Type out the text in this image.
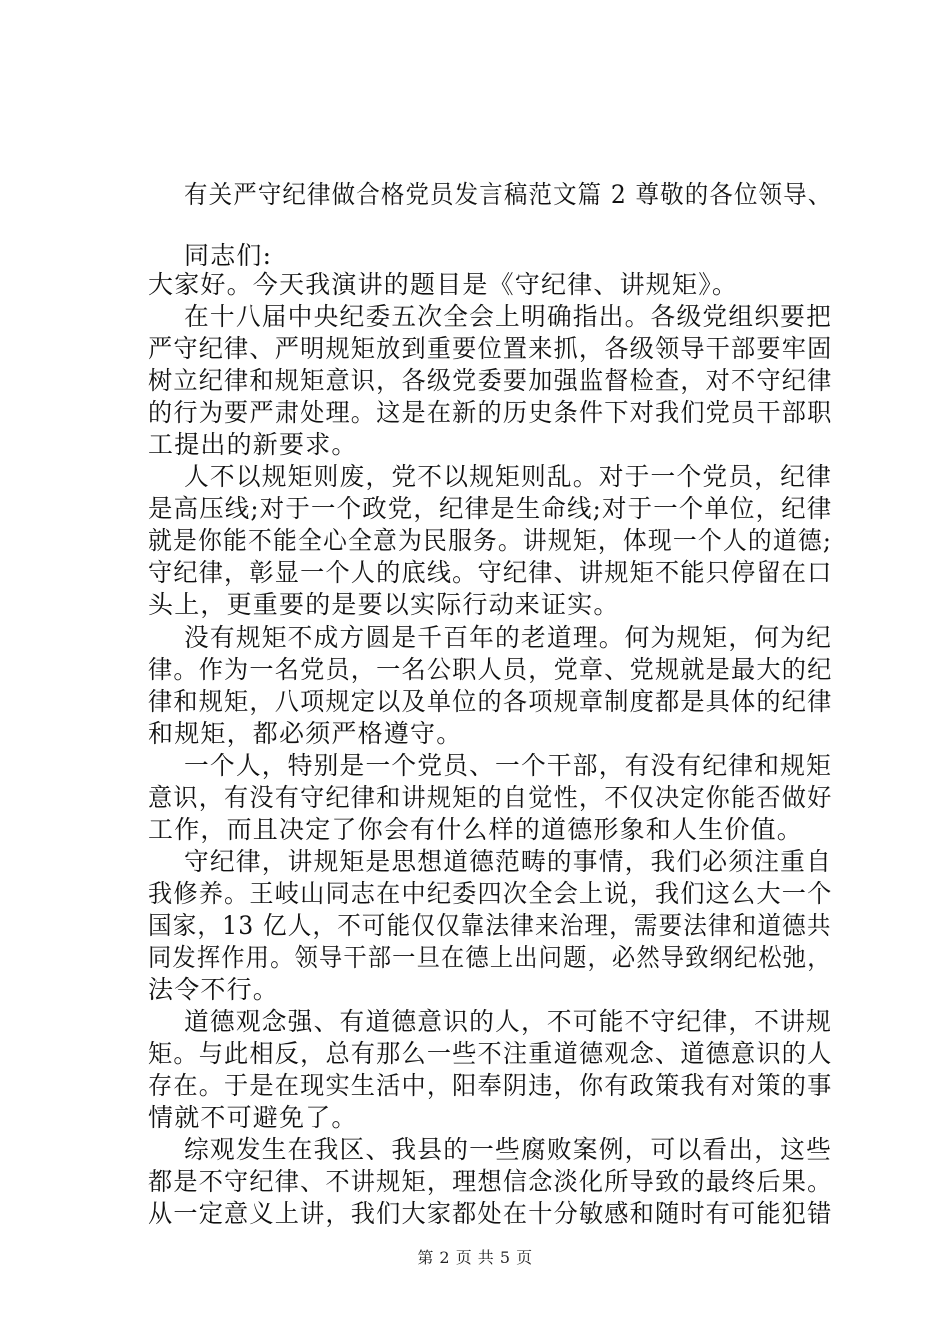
有关严守纪律做合格党员发言稿范文篇 2 尊敬的各位领导、
同志们:
大家好。今天我演讲的题目是《守纪律、讲规矩》。
在十八届中央纪委五次全会上明确指出。各级党组织要把
严守纪律、严明规矩放到重要位置来抓，各级领导干部要牢固
树立纪律和规矩意识，各级党委要加强监督检查，对不守纪律
的行为要严肃处理。这是在新的历史条件下对我们党员干部职
工提出的新要求。
人不以规矩则废，党不以规矩则乱。对于一个党员，纪律
是高压线;对于一个政党，纪律是生命线;对于一个单位，纪律
就是你能不能全心全意为民服务。讲规矩，体现一个人的道德;
守纪律，彰显一个人的底线。守纪律、讲规矩不能只停留在口
头上，更重要的是要以实际行动来证实。
没有规矩不成方圆是千百年的老道理。何为规矩，何为纪
律。作为一名党员，一名公职人员，党章、党规就是最大的纪
律和规矩，八项规定以及单位的各项规章制度都是具体的纪律
和规矩，都必须严格遵守。
一个人，特别是一个党员、一个干部，有没有纪律和规矩
意识，有没有守纪律和讲规矩的自觉性，不仅决定你能否做好
工作，而且决定了你会有什么样的道德形象和人生价值。
守纪律，讲规矩是思想道德范畴的事情，我们必须注重自
我修养。王岐山同志在中纪委四次全会上说，我们这么大一个
国家，13 亿人，不可能仅仅靠法律来治理，需要法律和道德共
同发挥作用。领导干部一旦在德上出问题，必然导致纲纪松弛，
法令不行。
道德观念强、有道德意识的人，不可能不守纪律，不讲规
矩。与此相反，总有那么一些不注重道德观念、道德意识的人
存在。于是在现实生活中，阳奉阴违，你有政策我有对策的事
情就不可避免了。
综观发生在我区、我县的一些腐败案例，可以看出，这些
都是不守纪律、不讲规矩，理想信念淡化所导致的最终后果。
从一定意义上讲，我们大家都处在十分敏感和随时有可能犯错
第 2 页 共 5 页
